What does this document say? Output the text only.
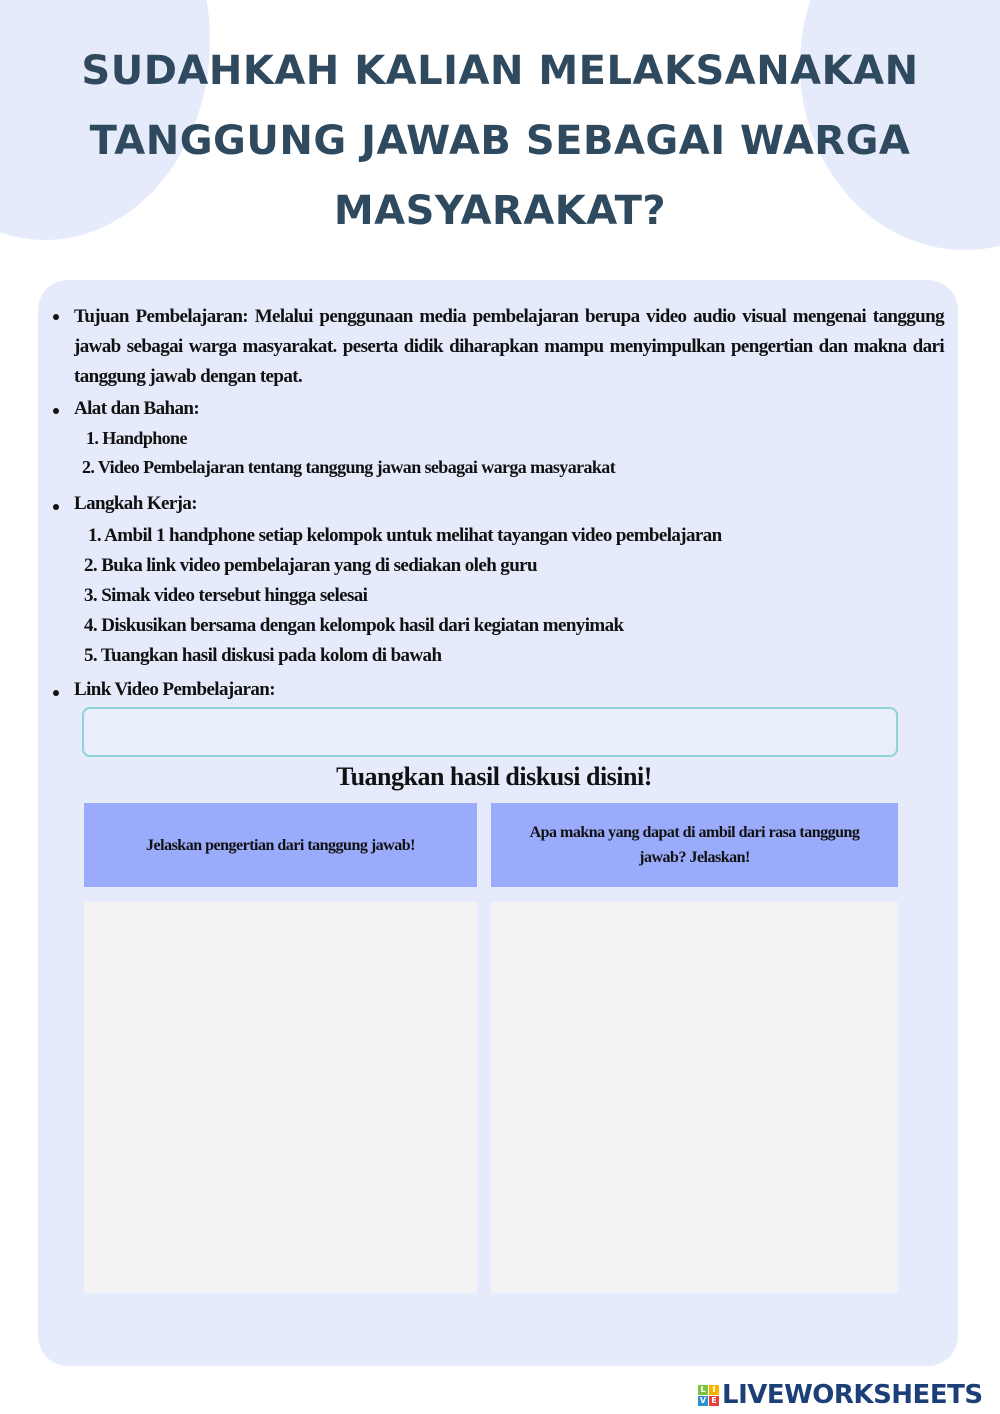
SUDAHKAH KALIAN MELAKSANAKAN
TANGGUNG JAWAB SEBAGAI WARGA
MASYARAKAT?
Tujuan Pembelajaran: Melalui penggunaan media pembelajaran berupa video audio visual mengenai tanggung jawab sebagai warga masyarakat. peserta didik diharapkan mampu menyimpulkan pengertian dan makna dari tanggung jawab dengan tepat.
Alat dan Bahan:
1. Handphone
2. Video Pembelajaran tentang tanggung jawan sebagai warga masyarakat
Langkah Kerja:
1. Ambil 1 handphone setiap kelompok untuk melihat tayangan video pembelajaran
2. Buka link video pembelajaran yang di sediakan oleh guru
3. Simak video tersebut hingga selesai
4. Diskusikan bersama dengan kelompok hasil dari kegiatan menyimak
5. Tuangkan hasil diskusi pada kolom di bawah
Link Video Pembelajaran:
Tuangkan hasil diskusi disini!
Jelaskan pengertian dari tanggung jawab!
Apa makna yang dapat di ambil dari rasa tanggung jawab? Jelaskan!
L I
V E LIVEWORKSHEETS
